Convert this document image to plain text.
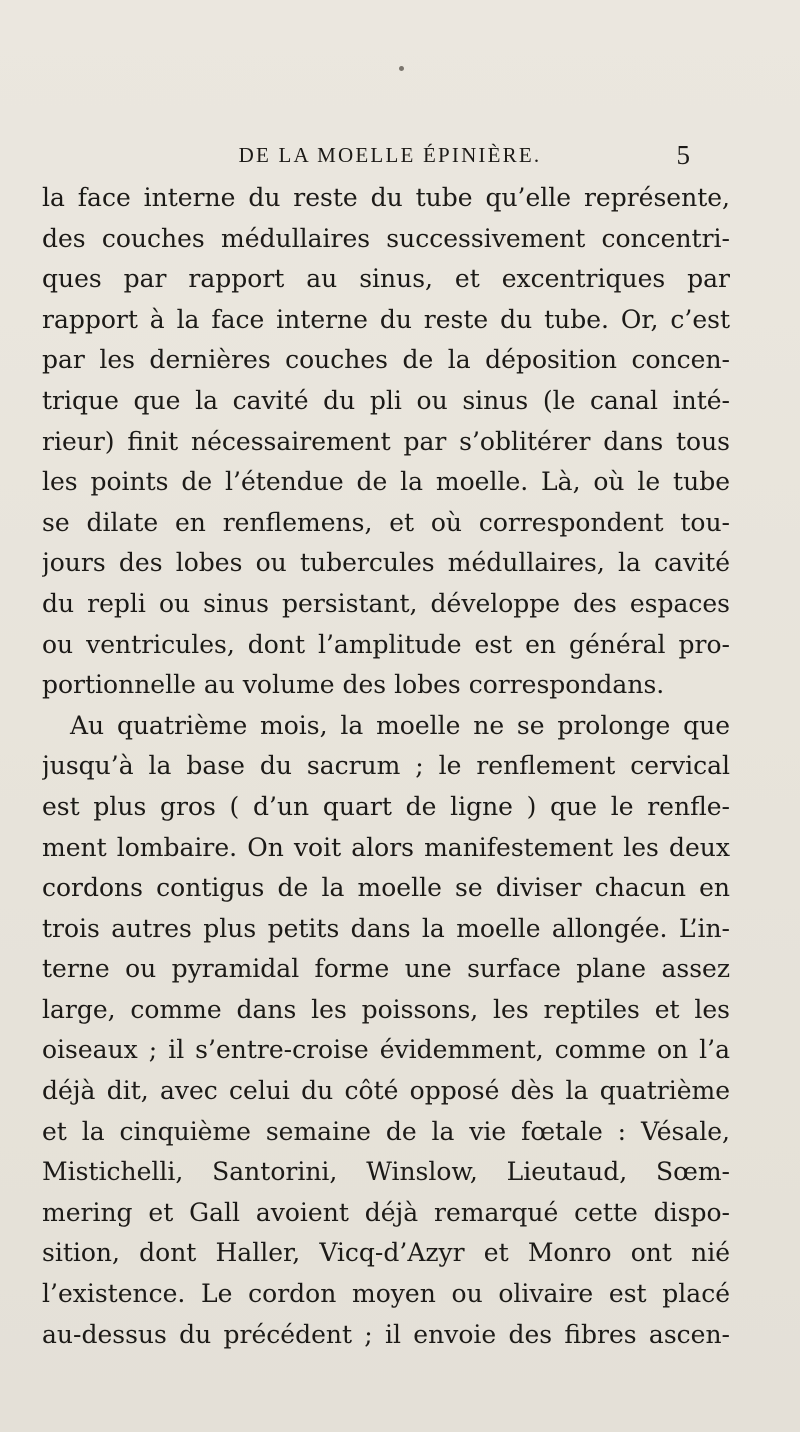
DE LA MOELLE ÉPINIÈRE.	5
la face interne du reste du tube qu’elle représente,
des couches médullaires successivement concentri-
ques par rapport au sinus, et excentriques par
rapport à la face interne du reste du tube. Or, c’est
par les dernières couches de la déposition concen-
trique que la cavité du pli ou sinus (le canal inté-
rieur) finit nécessairement par s’oblitérer dans tous
les points de l’étendue de la moelle. Là, où le tube
se dilate en renflemens, et où correspondent tou-
jours des lobes ou tubercules médullaires, la cavité
du repli ou sinus persistant, développe des espaces
ou ventricules, dont l’amplitude est en général pro-
portionnelle au volume des lobes correspondans.
Au quatrième mois, la moelle ne se prolonge que
jusqu’à la base du sacrum ; le renflement cervical
est plus gros ( d’un quart de ligne ) que le renfle-
ment lombaire. On voit alors manifestement les deux
cordons contigus de la moelle se diviser chacun en
trois autres plus petits dans la moelle allongée. L’in-
terne ou pyramidal forme une surface plane assez
large, comme dans les poissons, les reptiles et les
oiseaux ; il s’entre-croise évidemment, comme on l’a
déjà dit, avec celui du côté opposé dès la quatrième
et la cinquième semaine de la vie fœtale : Vésale,
Mistichelli, Santorini, Winslow, Lieutaud, Sœm-
mering et Gall avoient déjà remarqué cette dispo-
sition, dont Haller, Vicq-d’Azyr et Monro ont nié
l’existence. Le cordon moyen ou olivaire est placé
au-dessus du précédent ; il envoie des fibres ascen-
